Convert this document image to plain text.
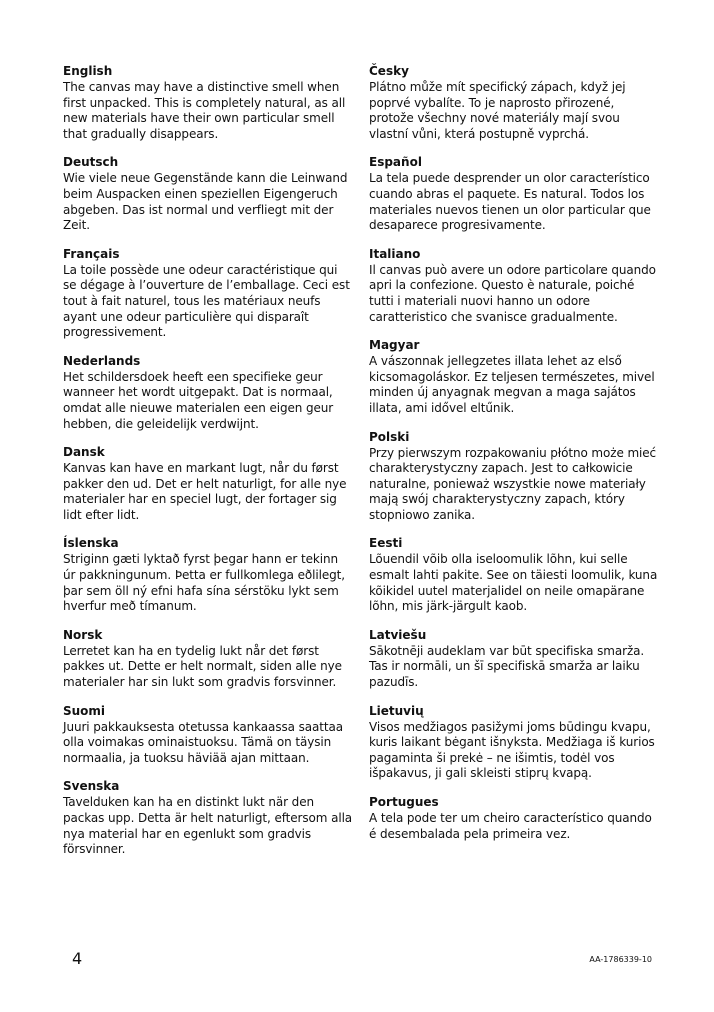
English

The canvas may have a distinctive smell when first unpacked. This is completely natural, as all new materials have their own particular smell that gradually disappears.

Deutsch

Wie viele neue Gegenstände kann die Leinwand beim Auspacken einen speziellen Eigengeruch abgeben. Das ist normal und verfliegt mit der Zeit.

Français

La toile possède une odeur caractéristique qui se dégage à l’ouverture de l’emballage. Ceci est tout à fait naturel, tous les matériaux neufs ayant une odeur particulière qui disparaît progressivement.

Nederlands

Het schildersdoek heeft een specifieke geur wanneer het wordt uitgepakt. Dat is normaal, omdat alle nieuwe materialen een eigen geur hebben, die geleidelijk verdwijnt.

Dansk

Kanvas kan have en markant lugt, når du først pakker den ud. Det er helt naturligt, for alle nye materialer har en speciel lugt, der fortager sig lidt efter lidt.

Íslenska

Striginn gæti lyktað fyrst þegar hann er tekinn úr pakkningunum. Þetta er fullkomlega eðlilegt, þar sem öll ný efni hafa sína sérstöku lykt sem hverfur með tímanum.

Norsk

Lerretet kan ha en tydelig lukt når det først pakkes ut. Dette er helt normalt, siden alle nye materialer har sin lukt som gradvis forsvinner.

Suomi

Juuri pakkauksesta otetussa kankaassa saattaa olla voimakas ominaistuoksu. Tämä on täysin normaalia, ja tuoksu häviää ajan mittaan.

Svenska

Tavelduken kan ha en distinkt lukt när den packas upp. Detta är helt naturligt, eftersom alla nya material har en egenlukt som gradvis försvinner.

Česky

Plátno může mít specifický zápach, když jej poprvé vybalíte. To je naprosto přirozené, protože všechny nové materiály mají svou vlastní vůni, která postupně vyprchá.

Español

La tela puede desprender un olor característico cuando abras el paquete. Es natural. Todos los materiales nuevos tienen un olor particular que desaparece progresivamente.

Italiano

Il canvas può avere un odore particolare quando apri la confezione. Questo è naturale, poiché tutti i materiali nuovi hanno un odore caratteristico che svanisce gradualmente.

Magyar

A vászonnak jellegzetes illata lehet az első kicsomagoláskor. Ez teljesen természetes, mivel minden új anyagnak megvan a maga sajátos illata, ami idővel eltűnik.

Polski

Przy pierwszym rozpakowaniu płótno może mieć charakterystyczny zapach. Jest to całkowicie naturalne, ponieważ wszystkie nowe materiały mają swój charakterystyczny zapach, który stopniowo zanika.

Eesti

Lõuendil võib olla iseloomulik lõhn, kui selle esmalt lahti pakite. See on täiesti loomulik, kuna kõikidel uutel materjalidel on neile omapärane lõhn, mis järk-järgult kaob.

Latviešu

Sākotnēji audeklam var būt specifiska smarža. Tas ir normāli, un šī specifiskā smarža ar laiku pazudīs.

Lietuvių

Visos medžiagos pasižymi joms būdingu kvapu, kuris laikant bėgant išnyksta. Medžiaga iš kurios pagaminta ši prekė – ne išimtis, todėl vos išpakavus, ji gali skleisti stiprų kvapą.

Portugues

A tela pode ter um cheiro característico quando é desembalada pela primeira vez.

4	AA-1786339-10
